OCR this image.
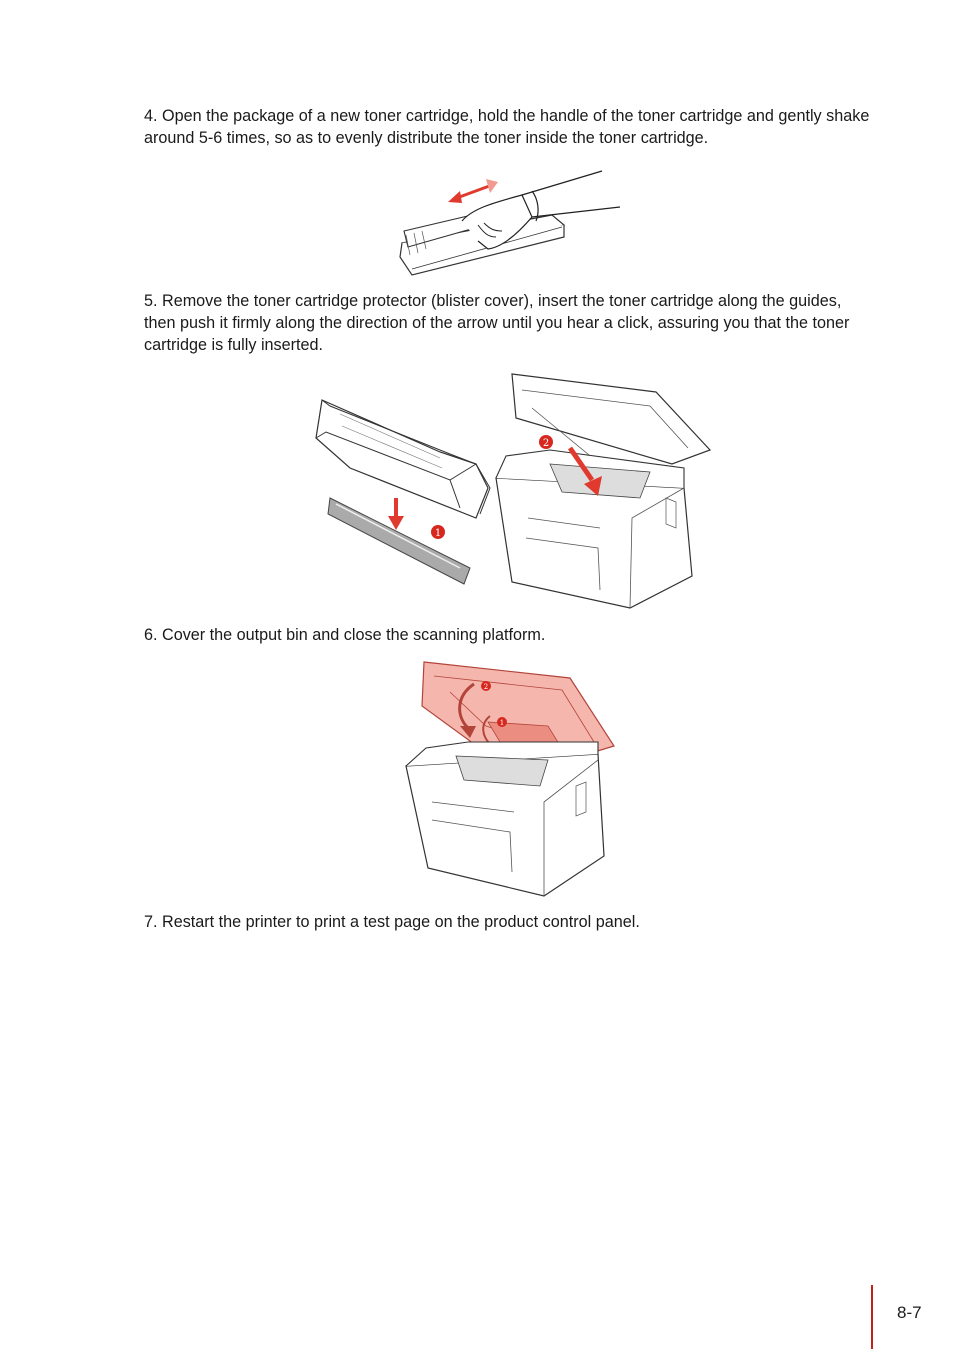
4. Open the package of a new toner cartridge, hold the handle of the toner cartridge and gently shake around 5-6 times, so as to evenly distribute the toner inside the toner cartridge.

5. Remove the toner cartridge protector (blister cover), insert the toner cartridge along the guides, then push it firmly along the direction of the arrow until you hear a click, assuring you that the toner cartridge is fully inserted.

1
2

6. Cover the output bin and close the scanning platform.

2
1

7. Restart the printer to print a test page on the product control panel.

8-7
